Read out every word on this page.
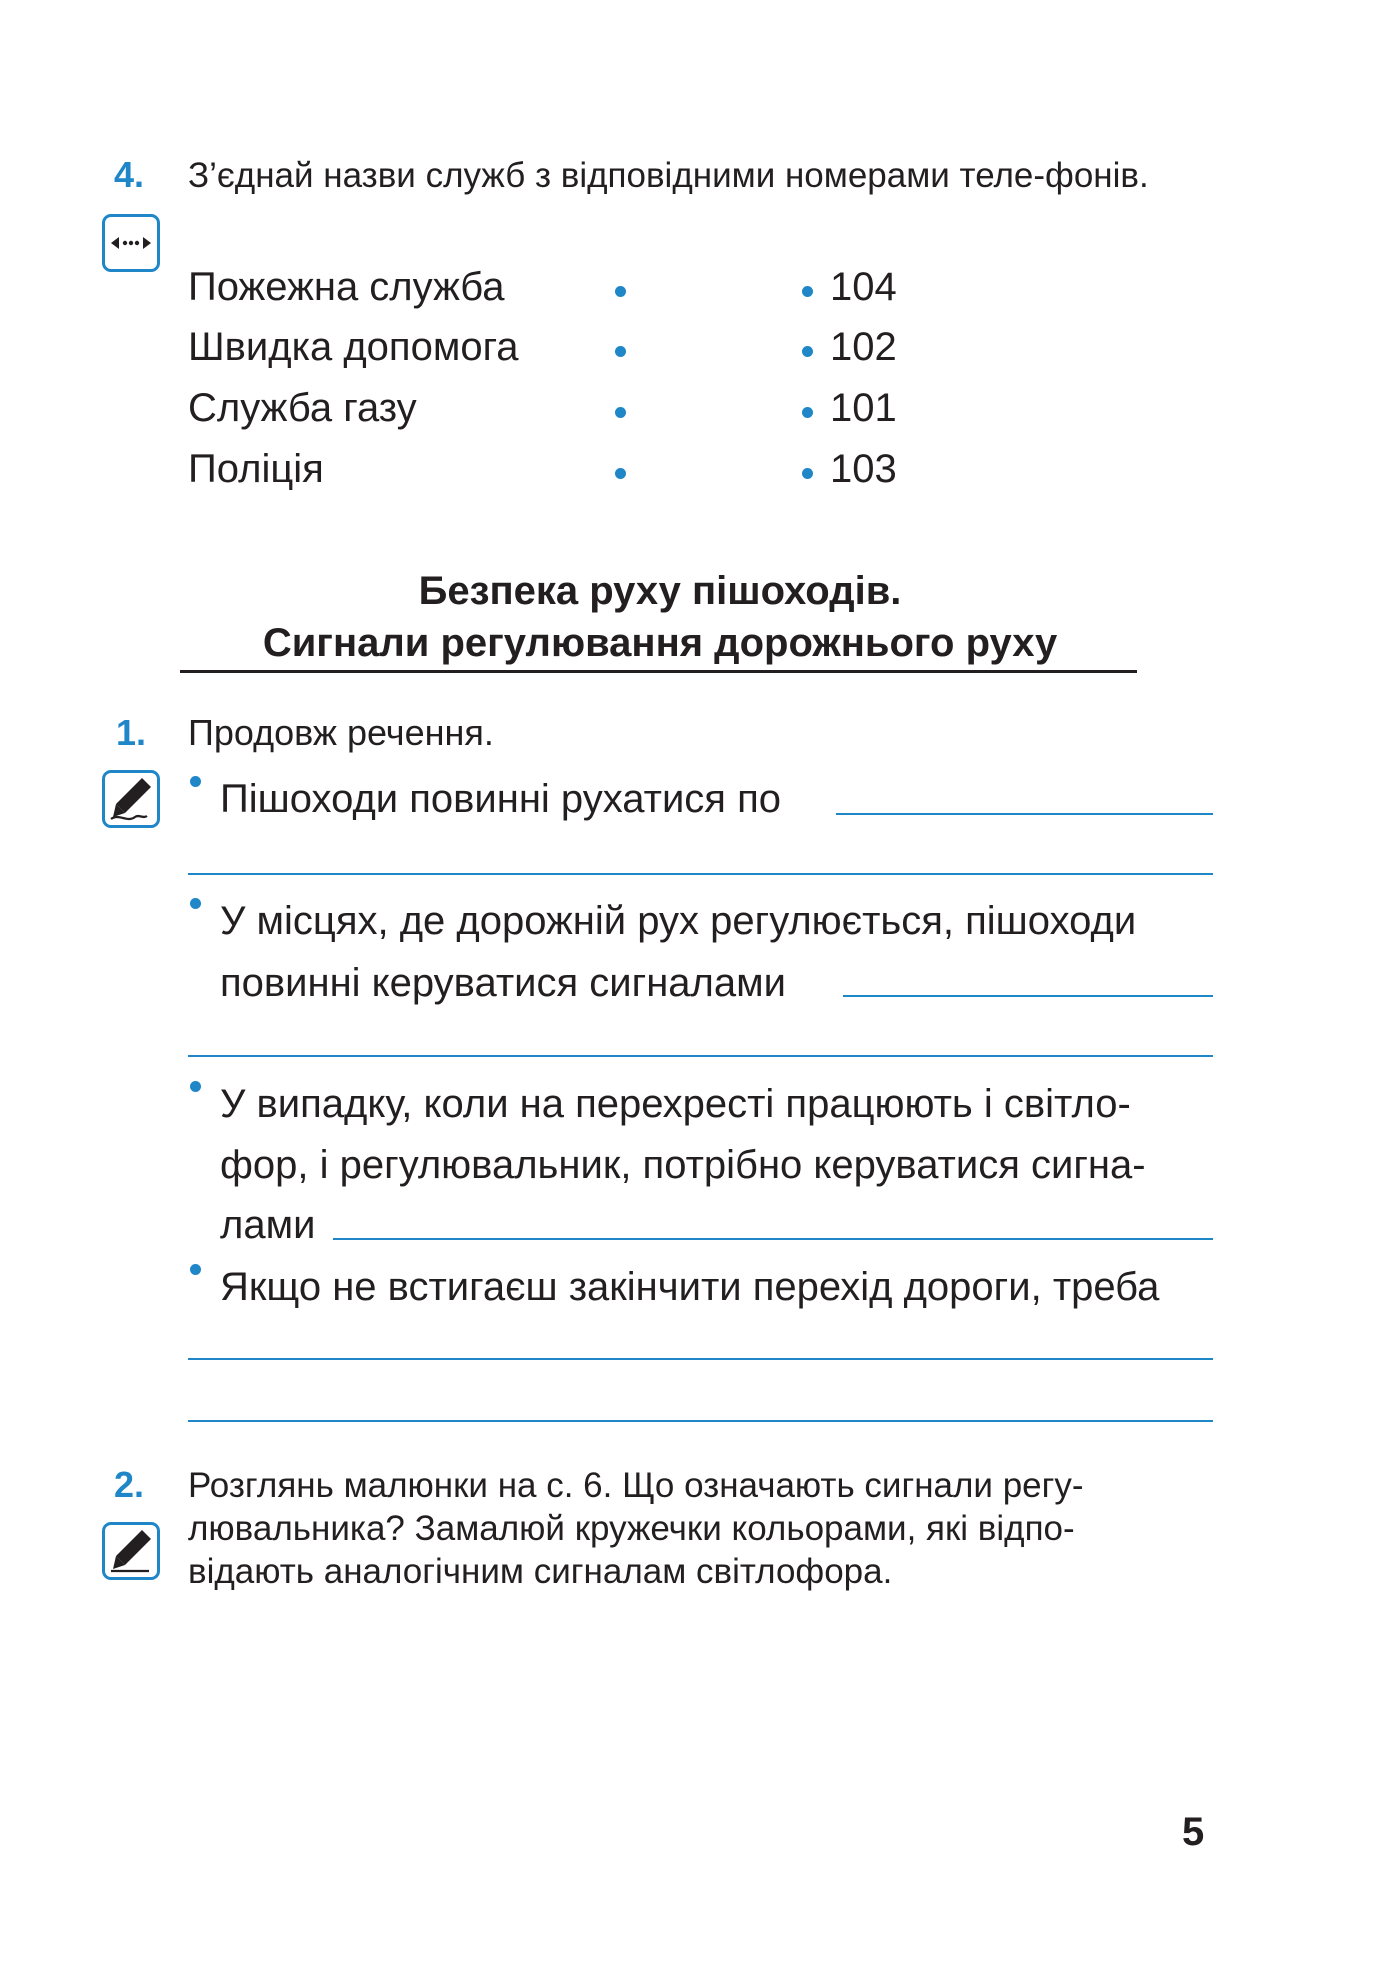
4. З’єднай назви служб з відповідними номерами теле-фонів.
Пожежна служба
Швидка допомога
Служба газу
Поліція
104
102
101
103
Безпека руху пішоходів.
Сигнали регулювання дорожнього руху
1. Продовж речення.
Пішоходи повинні рухатися по
У місцях, де дорожній рух регулюється, пішоходи
повинні керуватися сигналами
У випадку, коли на перехресті працюють і світло-
фор, і регулювальник, потрібно керуватися сигна-
лами
Якщо не встигаєш закінчити перехід дороги, треба
2. Розглянь малюнки на с. 6. Що означають сигнали регу-
лювальника? Замалюй кружечки кольорами, які відпо-
відають аналогічним сигналам світлофора.
5
